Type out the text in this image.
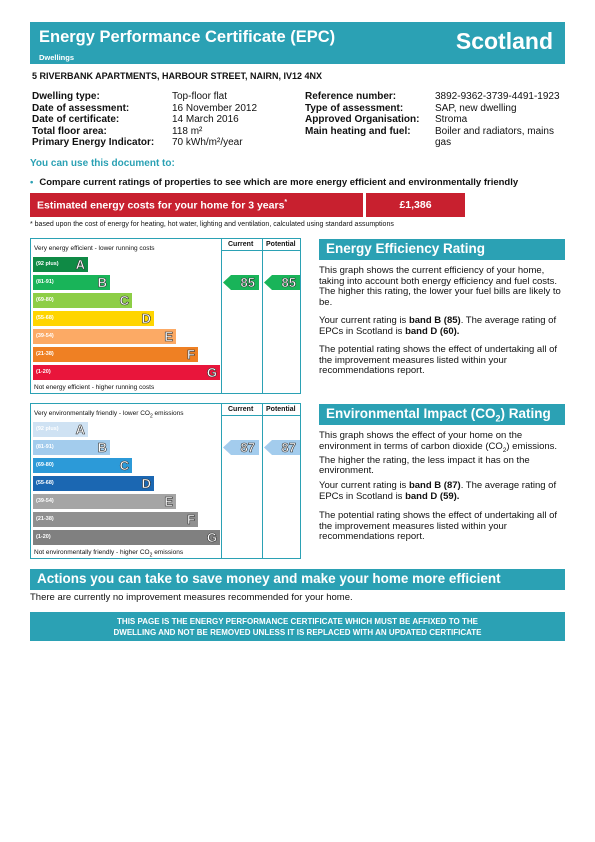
Energy Performance Certificate (EPC)
Dwellings
Scotland
5 RIVERBANK APARTMENTS, HARBOUR STREET, NAIRN, IV12 4NX
Dwelling type:	Top-floor flat
Date of assessment:	16 November 2012
Date of certificate:	14 March 2016
Total floor area:	118 m²
Primary Energy Indicator:	70 kWh/m²/year
Reference number:	3892-9362-3739-4491-1923
Type of assessment:	SAP, new dwelling
Approved Organisation:	Stroma
Main heating and fuel:	Boiler and radiators, mains
gas
You can use this document to:
• Compare current ratings of properties to see which are more energy efficient and environmentally friendly
Estimated energy costs for your home for 3 years*	£1,386
* based upon the cost of energy for heating, hot water, lighting and ventilation, calculated using standard assumptions
Current Potential
Very energy efficient - lower running costs
Not energy efficient - higher running costs
(92 plus) A
(81-91)	B
(69-80)	C
(55-68)	D
(39-54)	E
(21-38)	F
(1-20)	G
85 85
Current Potential
Very environmentally friendly - lower $CO_2$ emissions
Not environmentally friendly - higher $CO_2$ emissions
(92 plus) A
(81-91)	B
(69-80)	C
(55-68)	D
(39-54)	E
(21-38)	F
(1-20)	G
87 87
Energy Efficiency Rating
This graph shows the current efficiency of your home, taking into account both energy efficiency and fuel costs. The higher this rating, the lower your fuel bills are likely to be.
Your current rating is band B (85). The average rating of EPCs in Scotland is band D (60).
The potential rating shows the effect of undertaking all of the improvement measures listed within your recommendations report.
Environmental Impact $(CO_2)$ Rating
This graph shows the effect of your home on the environment in terms of carbon dioxide $(CO_2)$ emissions. The higher the rating, the less impact it has on the environment.
Your current rating is band B (87). The average rating of EPCs in Scotland is band D (59).
The potential rating shows the effect of undertaking all of the improvement measures listed within your recommendations report.
Actions you can take to save money and make your home more efficient
There are currently no improvement measures recommended for your home.
THIS PAGE IS THE ENERGY PERFORMANCE CERTIFICATE WHICH MUST BE AFFIXED TO THE
DWELLING AND NOT BE REMOVED UNLESS IT IS REPLACED WITH AN UPDATED CERTIFICATE
